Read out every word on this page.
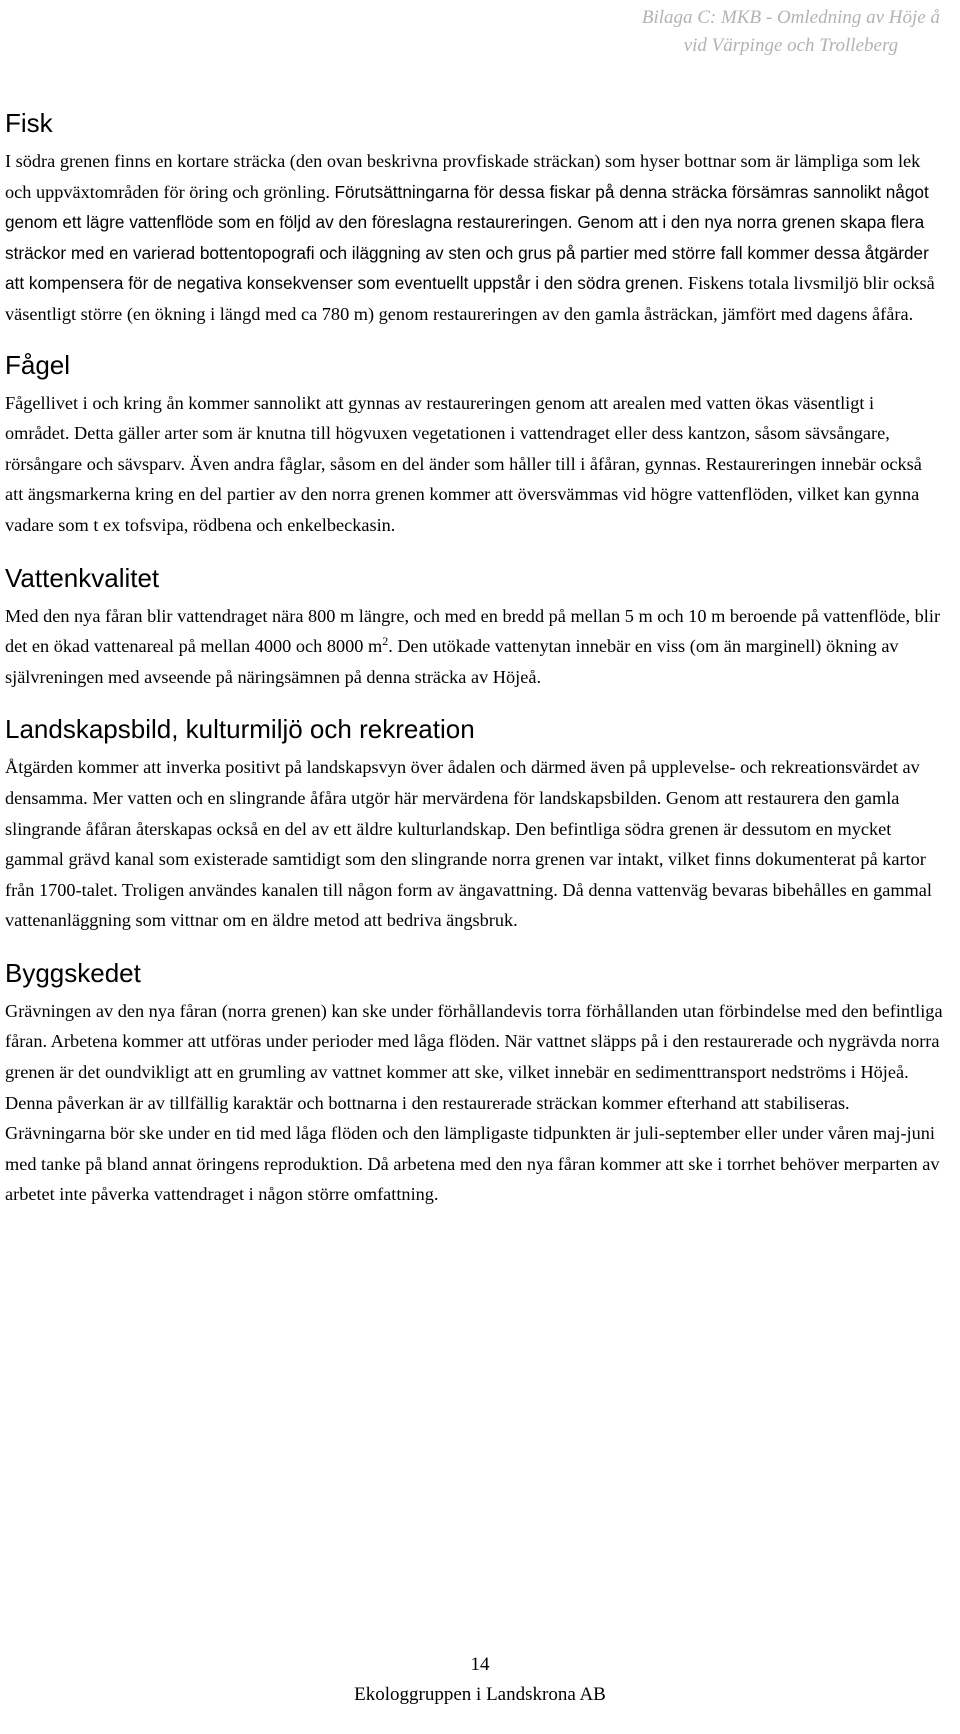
Bilaga C: MKB - Omledning av Höje å
vid Värpinge och Trolleberg
Fisk

I södra grenen finns en kortare sträcka (den ovan beskrivna provfiskade sträckan) som hyser bottnar som är lämpliga som lek och uppväxtområden för öring och grönling. Förutsättningarna för dessa fiskar på denna sträcka försämras sannolikt något genom ett lägre vattenflöde som en följd av den föreslagna restaureringen. Genom att i den nya norra grenen skapa flera sträckor med en varierad bottentopografi och iläggning av sten och grus på partier med större fall kommer dessa åtgärder att kompensera för de negativa konsekvenser som eventuellt uppstår i den södra grenen. Fiskens totala livsmiljö blir också väsentligt större (en ökning i längd med ca 780 m) genom restaureringen av den gamla åsträckan, jämfört med dagens åfåra.

Fågel

Fågellivet i och kring ån kommer sannolikt att gynnas av restaureringen genom att arealen med vatten ökas väsentligt i området. Detta gäller arter som är knutna till högvuxen vegetationen i vattendraget eller dess kantzon, såsom sävsångare, rörsångare och sävsparv. Även andra fåglar, såsom en del änder som håller till i åfåran, gynnas. Restaureringen innebär också att ängsmarkerna kring en del partier av den norra grenen kommer att översvämmas vid högre vattenflöden, vilket kan gynna vadare som t ex tofsvipa, rödbena och enkelbeckasin.

Vattenkvalitet

Med den nya fåran blir vattendraget nära 800 m längre, och med en bredd på mellan 5 m och 10 m beroende på vattenflöde, blir det en ökad vattenareal på mellan 4000 och 8000 $m^2$. Den utökade vattenytan innebär en viss (om än marginell) ökning av självreningen med avseende på näringsämnen på denna sträcka av Höjeå.

Landskapsbild, kulturmiljö och rekreation

Åtgärden kommer att inverka positivt på landskapsvyn över ådalen och därmed även på upplevelse- och rekreationsvärdet av densamma. Mer vatten och en slingrande åfåra utgör här mervärdena för landskapsbilden. Genom att restaurera den gamla slingrande åfåran återskapas också en del av ett äldre kulturlandskap. Den befintliga södra grenen är dessutom en mycket gammal grävd kanal som existerade samtidigt som den slingrande norra grenen var intakt, vilket finns dokumenterat på kartor från 1700-talet. Troligen användes kanalen till någon form av ängavattning. Då denna vattenväg bevaras bibehålles en gammal vattenanläggning som vittnar om en äldre metod att bedriva ängsbruk.

Byggskedet

Grävningen av den nya fåran (norra grenen) kan ske under förhållandevis torra förhållanden utan förbindelse med den befintliga fåran. Arbetena kommer att utföras under perioder med låga flöden. När vattnet släpps på i den restaurerade och nygrävda norra grenen är det oundvikligt att en grumling av vattnet kommer att ske, vilket innebär en sedimenttransport nedströms i Höjeå. Denna påverkan är av tillfällig karaktär och bottnarna i den restaurerade sträckan kommer efterhand att stabiliseras. Grävningarna bör ske under en tid med låga flöden och den lämpligaste tidpunkten är juli-september eller under våren maj-juni med tanke på bland annat öringens reproduktion. Då arbetena med den nya fåran kommer att ske i torrhet behöver merparten av arbetet inte påverka vattendraget i någon större omfattning.

14
Ekologgruppen i Landskrona AB
